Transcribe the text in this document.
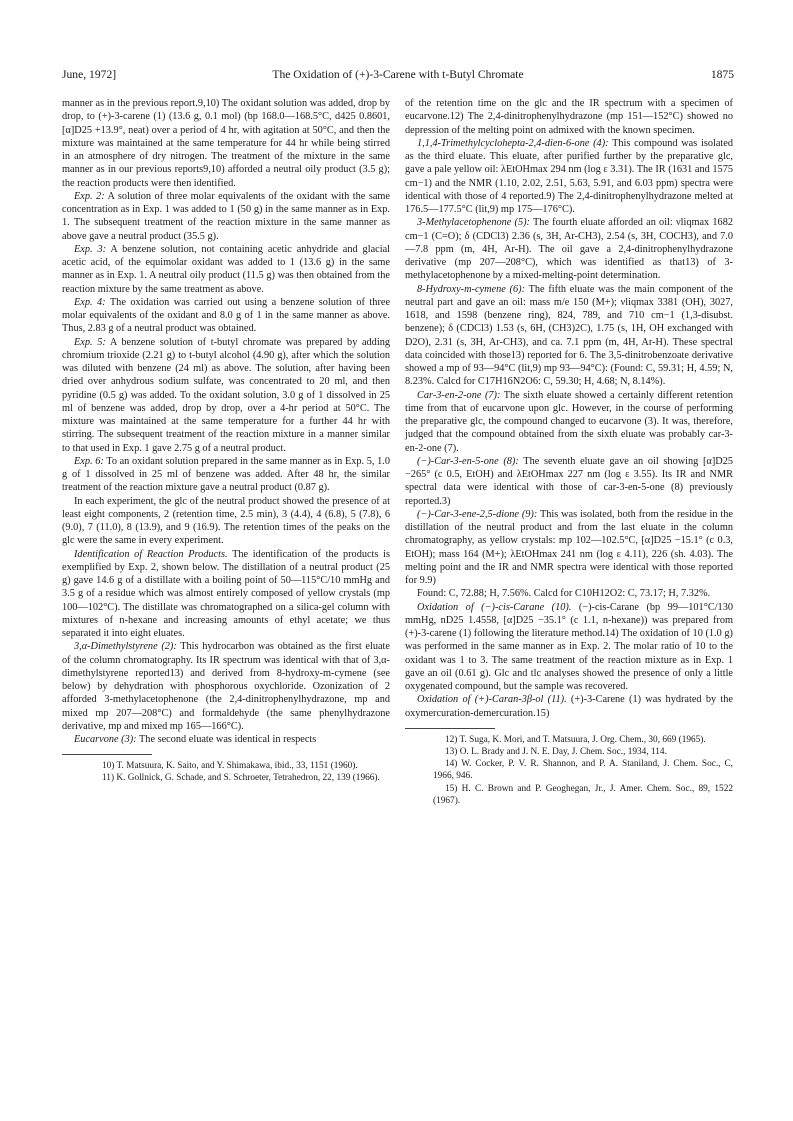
June, 1972]	The Oxidation of (+)-3-Carene with t-Butyl Chromate	1875

manner as in the previous report.9,10) The oxidant solution was added, drop by drop, to (+)-3-carene (1) (13.6 g, 0.1 mol) (bp 168.0—168.5°C, d425 0.8601, [α]D25 +13.9°, neat) over a period of 4 hr, with agitation at 50°C, and then the mixture was maintained at the same temperature for 44 hr while being stirred in an atmosphere of dry nitrogen. The treatment of the mixture in the same manner as in our previous reports9,10) afforded a neutral oily product (3.5 g); the reaction products were then identified.

Exp. 2: A solution of three molar equivalents of the oxidant with the same concentration as in Exp. 1 was added to 1 (50 g) in the same manner as in Exp. 1. The subsequent treatment of the reaction mixture in the same manner as above gave a neutral product (35.5 g).

Exp. 3: A benzene solution, not containing acetic anhydride and glacial acetic acid, of the equimolar oxidant was added to 1 (13.6 g) in the same manner as in Exp. 1. A neutral oily product (11.5 g) was then obtained from the reaction mixture by the same treatment as above.

Exp. 4: The oxidation was carried out using a benzene solution of three molar equivalents of the oxidant and 8.0 g of 1 in the same manner as above. Thus, 2.83 g of a neutral product was obtained.

Exp. 5: A benzene solution of t-butyl chromate was prepared by adding chromium trioxide (2.21 g) to t-butyl alcohol (4.90 g), after which the solution was diluted with benzene (24 ml) as above. The solution, after having been dried over anhydrous sodium sulfate, was concentrated to 20 ml, and then pyridine (0.5 g) was added. To the oxidant solution, 3.0 g of 1 dissolved in 25 ml of benzene was added, drop by drop, over a 4-hr period at 50°C. The mixture was maintained at the same temperature for a further 44 hr with stirring. The subsequent treatment of the reaction mixture in a manner similar to that used in Exp. 1 gave 2.75 g of a neutral product.

Exp. 6: To an oxidant solution prepared in the same manner as in Exp. 5, 1.0 g of 1 dissolved in 25 ml of benzene was added. After 48 hr, the similar treatment of the reaction mixture gave a neutral product (0.87 g).

In each experiment, the glc of the neutral product showed the presence of at least eight components, 2 (retention time, 2.5 min), 3 (4.4), 4 (6.8), 5 (7.8), 6 (9.0), 7 (11.0), 8 (13.9), and 9 (16.9). The retention times of the peaks on the glc were the same in every experiment.

Identification of Reaction Products. The identification of the products is exemplified by Exp. 2, shown below. The distillation of a neutral product (25 g) gave 14.6 g of a distillate with a boiling point of 50—115°C/10 mmHg and 3.5 g of a residue which was almost entirely composed of yellow crystals (mp 100—102°C). The distillate was chromatographed on a silica-gel column with mixtures of n-hexane and increasing amounts of ethyl acetate; we thus separated it into eight eluates.

3,α-Dimethylstyrene (2): This hydrocarbon was obtained as the first eluate of the column chromatography. Its IR spectrum was identical with that of 3,α-dimethylstyrene reported13) and derived from 8-hydroxy-m-cymene (see below) by dehydration with phosphorous oxychloride. Ozonization of 2 afforded 3-methylacetophenone (the 2,4-dinitrophenylhydrazone, mp and mixed mp 207—208°C) and formaldehyde (the same phenylhydrazone derivative, mp and mixed mp 165—166°C).

Eucarvone (3): The second eluate was identical in respects

10) T. Matsuura, K. Saito, and Y. Shimakawa, ibid., 33, 1151 (1960).

11) K. Gollnick, G. Schade, and S. Schroeter, Tetrahedron, 22, 139 (1966).

of the retention time on the glc and the IR spectrum with a specimen of eucarvone.12) The 2,4-dinitrophenylhydrazone (mp 151—152°C) showed no depression of the melting point on admixed with the known specimen.

1,1,4-Trimethylcyclohepta-2,4-dien-6-one (4): This compound was isolated as the third eluate. This eluate, after purified further by the preparative glc, gave a pale yellow oil: λEtOHmax 294 nm (log ε 3.31). The IR (1631 and 1575 cm−1) and the NMR (1.10, 2.02, 2.51, 5.63, 5.91, and 6.03 ppm) spectra were identical with those of 4 reported.9) The 2,4-dinitrophenylhydrazone melted at 176.5—177.5°C (lit,9) mp 175—176°C).

3-Methylacetophenone (5): The fourth eluate afforded an oil: νliqmax 1682 cm−1 (C=O); δ (CDCl3) 2.36 (s, 3H, Ar-CH3), 2.54 (s, 3H, COCH3), and 7.0—7.8 ppm (m, 4H, Ar-H). The oil gave a 2,4-dinitrophenylhydrazone derivative (mp 207—208°C), which was identified as that13) of 3-methylacetophenone by a mixed-melting-point determination.

8-Hydroxy-m-cymene (6): The fifth eluate was the main component of the neutral part and gave an oil: mass m/e 150 (M+); νliqmax 3381 (OH), 3027, 1618, and 1598 (benzene ring), 824, 789, and 710 cm−1 (1,3-disubst. benzene); δ (CDCl3) 1.53 (s, 6H, (CH3)2C), 1.75 (s, 1H, OH exchanged with D2O), 2.31 (s, 3H, Ar-CH3), and ca. 7.1 ppm (m, 4H, Ar-H). These spectral data coincided with those13) reported for 6. The 3,5-dinitrobenzoate derivative showed a mp of 93—94°C (lit,9) mp 93—94°C): (Found: C, 59.31; H, 4.59; N, 8.23%. Calcd for C17H16N2O6: C, 59.30; H, 4.68; N, 8.14%).

Car-3-en-2-one (7): The sixth eluate showed a certainly different retention time from that of eucarvone upon glc. However, in the course of performing the preparative glc, the compound changed to eucarvone (3). It was, therefore, judged that the compound obtained from the sixth eluate was probably car-3-en-2-one (7).

(−)-Car-3-en-5-one (8): The seventh eluate gave an oil showing [α]D25 −265° (c 0.5, EtOH) and λEtOHmax 227 nm (log ε 3.55). Its IR and NMR spectral data were identical with those of car-3-en-5-one (8) previously reported.3)

(−)-Car-3-ene-2,5-dione (9): This was isolated, both from the residue in the distillation of the neutral product and from the last eluate in the column chromatography, as yellow crystals: mp 102—102.5°C, [α]D25 −15.1° (c 0.3, EtOH); mass 164 (M+); λEtOHmax 241 nm (log ε 4.11), 226 (sh. 4.03). The melting point and the IR and NMR spectra were identical with those reported for 9.9)

Found: C, 72.88; H, 7.56%. Calcd for C10H12O2: C, 73.17; H, 7.32%.

Oxidation of (−)-cis-Carane (10). (−)-cis-Carane (bp 99—101°C/130 mmHg, nD25 1.4558, [α]D25 −35.1° (c 1.1, n-hexane)) was prepared from (+)-3-carene (1) following the literature method.14) The oxidation of 10 (1.0 g) was performed in the same manner as in Exp. 2. The molar ratio of 10 to the oxidant was 1 to 3. The same treatment of the reaction mixture as in Exp. 1 gave an oil (0.61 g). Glc and tlc analyses showed the presence of only a little oxygenated compound, but the sample was recovered.

Oxidation of (+)-Caran-3β-ol (11). (+)-3-Carene (1) was hydrated by the oxymercuration-demercuration.15)

12) T. Suga, K. Mori, and T. Matsuura, J. Org. Chem., 30, 669 (1965).

13) O. L. Brady and J. N. E. Day, J. Chem. Soc., 1934, 114.

14) W. Cocker, P. V. R. Shannon, and P. A. Staniland, J. Chem. Soc., C, 1966, 946.

15) H. C. Brown and P. Geoghegan, Jr., J. Amer. Chem. Soc., 89, 1522 (1967).
